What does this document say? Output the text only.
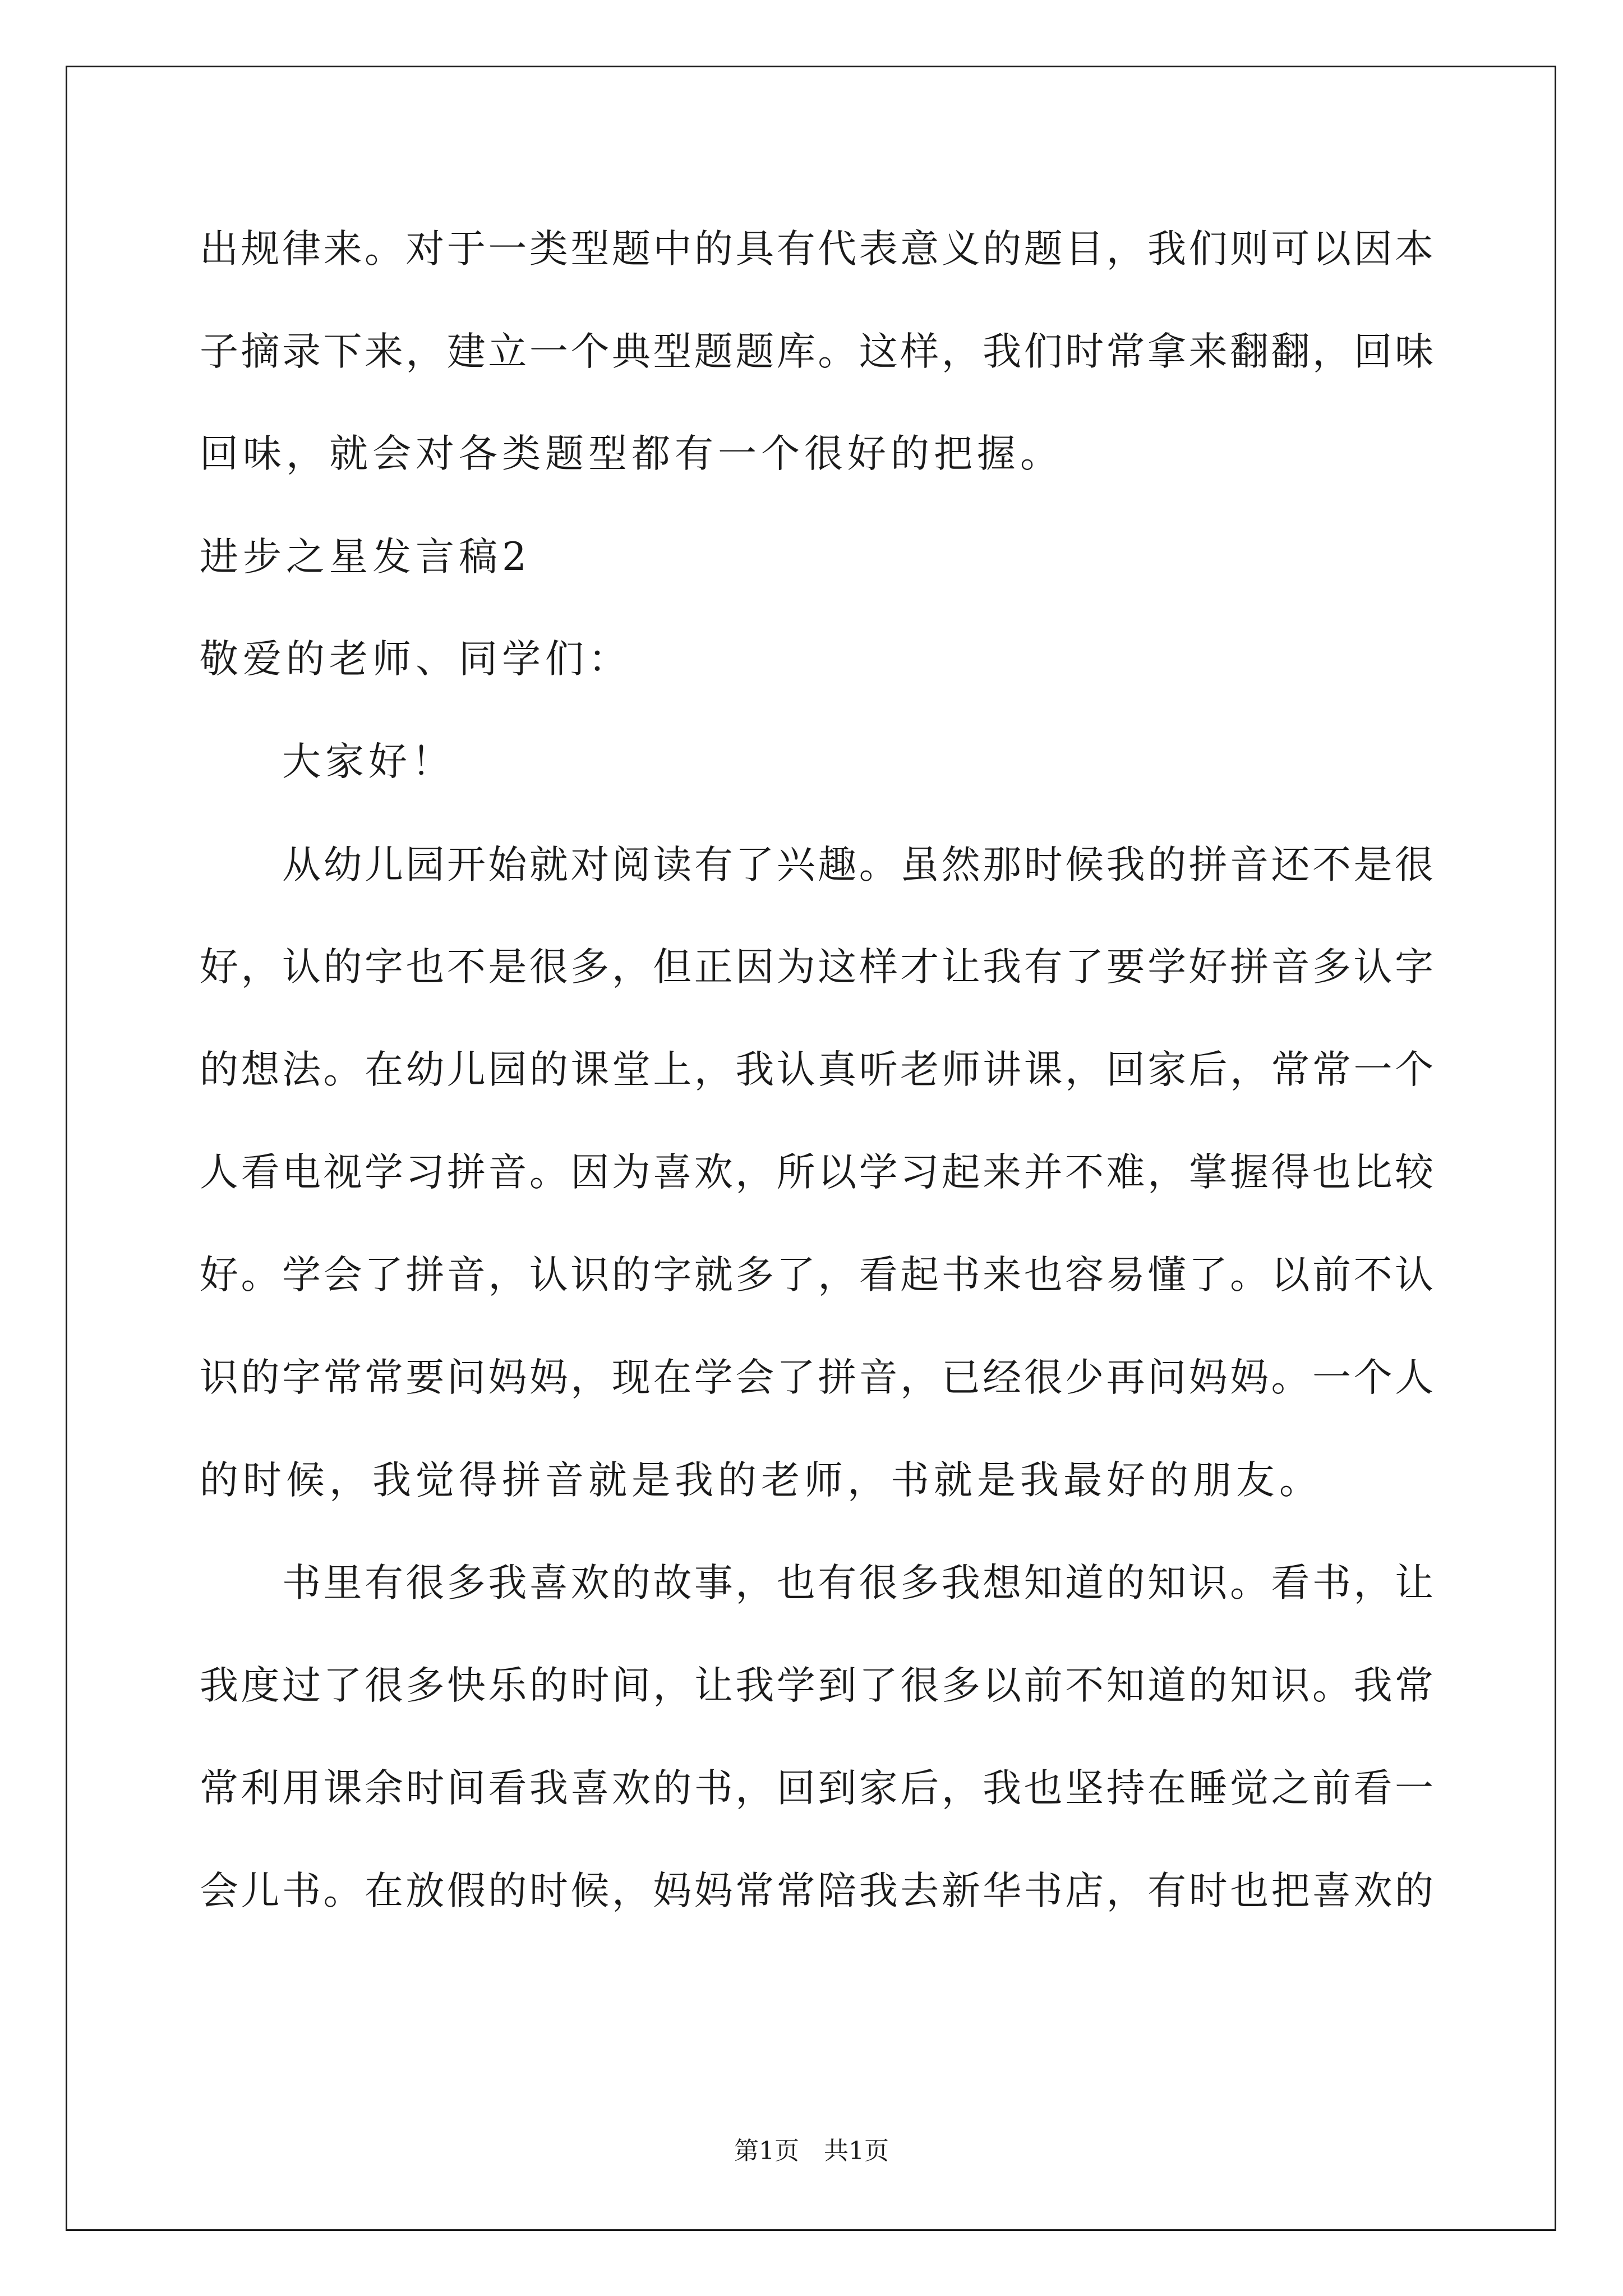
出规律来。对于一类型题中的具有代表意义的题目，我们则可以因本
子摘录下来，建立一个典型题题库。这样，我们时常拿来翻翻，回味
回味，就会对各类题型都有一个很好的把握。
进步之星发言稿2
敬爱的老师、同学们：
大家好！
从幼儿园开始就对阅读有了兴趣。虽然那时候我的拼音还不是很
好，认的字也不是很多，但正因为这样才让我有了要学好拼音多认字
的想法。在幼儿园的课堂上，我认真听老师讲课，回家后，常常一个
人看电视学习拼音。因为喜欢，所以学习起来并不难，掌握得也比较
好。学会了拼音，认识的字就多了，看起书来也容易懂了。以前不认
识的字常常要问妈妈，现在学会了拼音，已经很少再问妈妈。一个人
的时候，我觉得拼音就是我的老师，书就是我最好的朋友。
书里有很多我喜欢的故事，也有很多我想知道的知识。看书，让
我度过了很多快乐的时间，让我学到了很多以前不知道的知识。我常
常利用课余时间看我喜欢的书，回到家后，我也坚持在睡觉之前看一
会儿书。在放假的时候，妈妈常常陪我去新华书店，有时也把喜欢的
第1页 共1页
